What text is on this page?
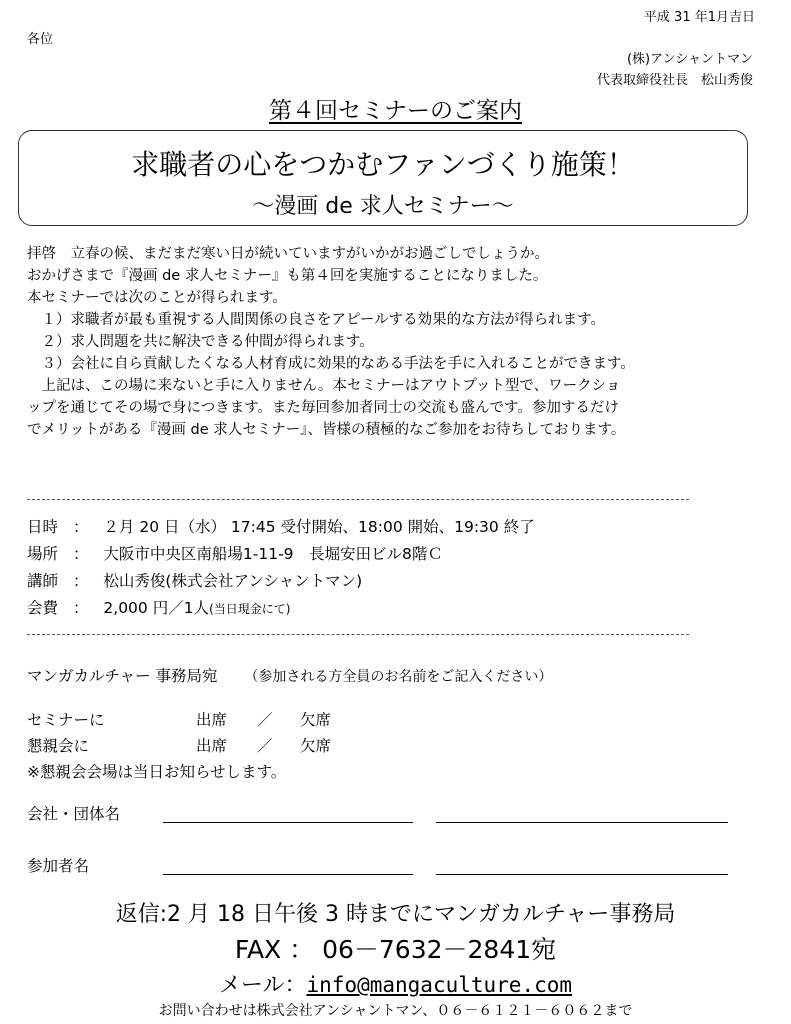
平成 31 年1月吉日
各位
(株)アンシャントマン
代表取締役社長　松山秀俊
第４回セミナーのご案内
求職者の心をつかむファンづくり施策！
〜漫画 de 求人セミナー〜
拝啓　立春の候、まだまだ寒い日が続いていますがいかがお過ごしでしょうか。
おかげさまで『漫画 de 求人セミナー』も第４回を実施することになりました。
本セミナーでは次のことが得られます。
　１）求職者が最も重視する人間関係の良さをアピールする効果的な方法が得られます。
　２）求人問題を共に解決できる仲間が得られます。
　３）会社に自ら貢献したくなる人材育成に効果的なある手法を手に入れることができます。
　上記は、この場に来ないと手に入りません。本セミナーはアウトプット型で、ワークショ
ップを通じてその場で身につきます。また毎回参加者同士の交流も盛んです。参加するだけ
でメリットがある『漫画 de 求人セミナー』、皆様の積極的なご参加をお待ちしております。
日時 ： ２月 20 日（水） 17:45 受付開始、18:00 開始、19:30 終了
場所 ： 大阪市中央区南船場1-11-9　長堀安田ビル8階Ｃ
講師 ： 松山秀俊(株式会社アンシャントマン)
会費 ： 2,000 円／1人(当日現金にて)
マンガカルチャー 事務局宛 （参加される方全員のお名前をご記入ください）
セミナーに	出席 ／ 欠席
懇親会に	出席 ／ 欠席
※懇親会会場は当日お知らせします。
会社・団体名
参加者名
返信:2 月 18 日午後 3 時までにマンガカルチャー事務局
FAX ： 06－7632－2841宛
メール：info@mangaculture.com
お問い合わせは株式会社アンシャントマン、０６－６１２１－６０６２まで
